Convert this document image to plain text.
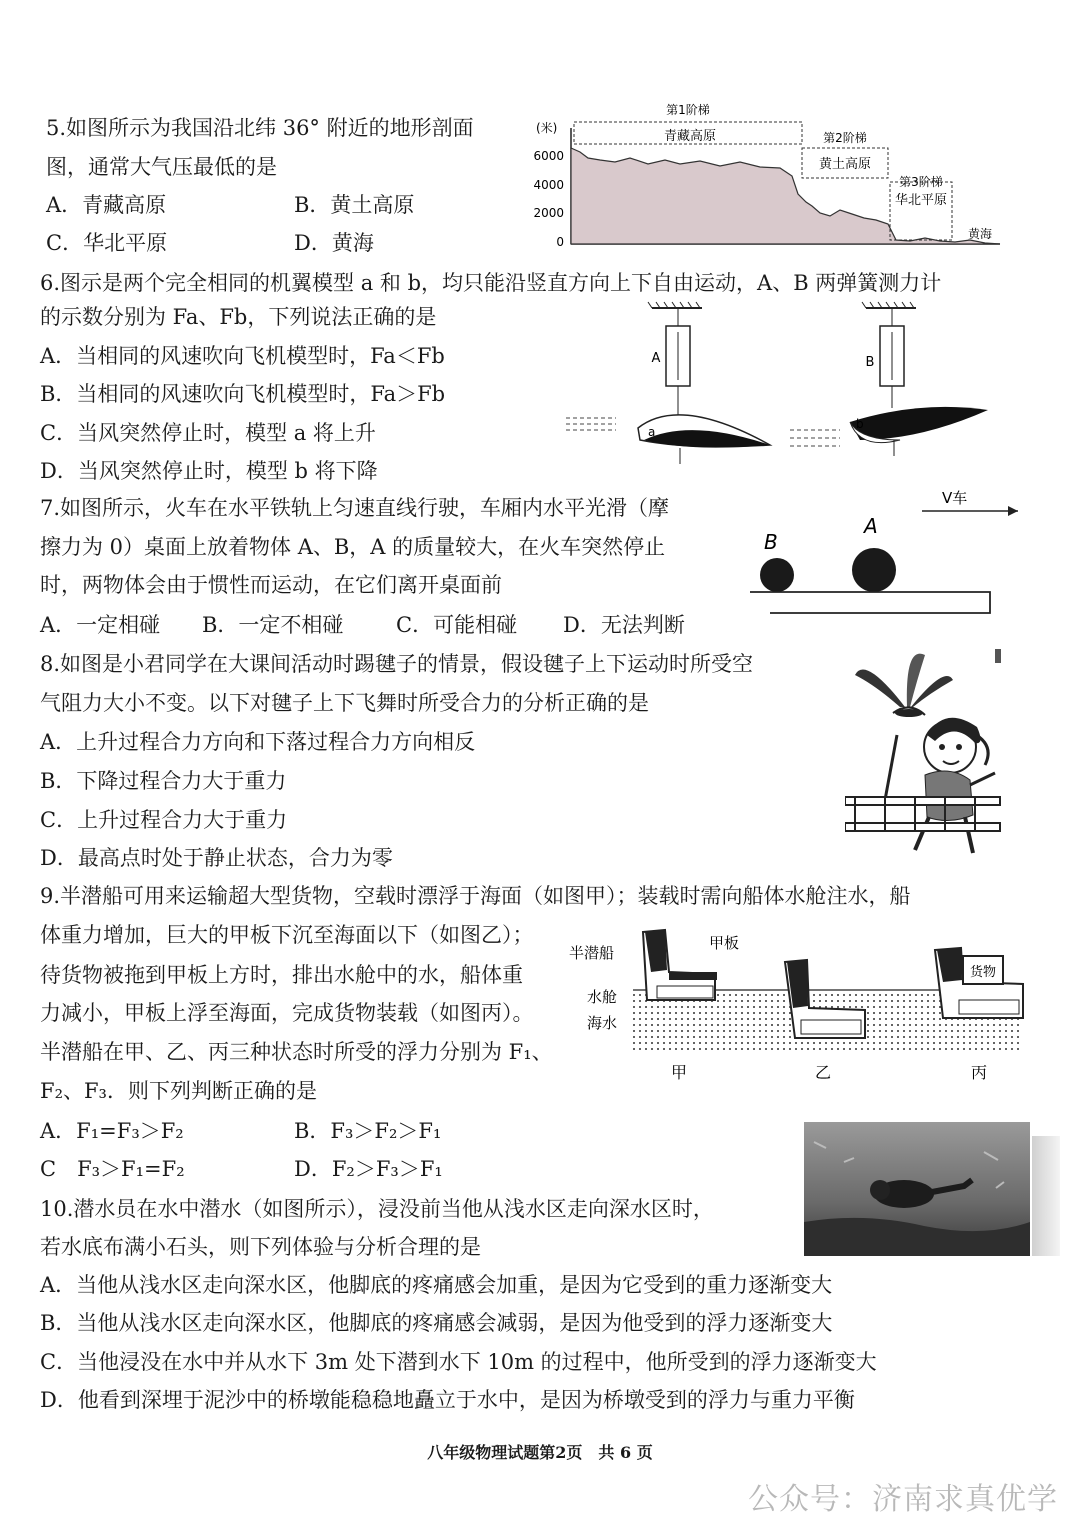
5.如图所示为我国沿北纬 36° 附近的地形剖面
图，通常大气压最低的是
A．青藏高原	B．黄土高原
C．华北平原	D．黄海
(米)
6000
4000
2000
0
第1阶梯
青藏高原	第2阶梯
黄土高原
第3阶梯
华北平原
黄海
6.图示是两个完全相同的机翼模型 a 和 b，均只能沿竖直方向上下自由运动，A、B 两弹簧测力计
的示数分别为 Fa、Fb，下列说法正确的是
A．当相同的风速吹向飞机模型时，Fa＜Fb
B．当相同的风速吹向飞机模型时，Fa＞Fb
C．当风突然停止时，模型 a 将上升
D．当风突然停止时，模型 b 将下降
A
a
B
b
7.如图所示，火车在水平铁轨上匀速直线行驶，车厢内水平光滑（摩
擦力为 0）桌面上放着物体 A、B，A 的质量较大，在火车突然停止
时，两物体会由于惯性而运动，在它们离开桌面前
A．一定相碰 B．一定不相碰	C．可能相碰 D．无法判断
V车
B
A
8.如图是小君同学在大课间活动时踢毽子的情景，假设毽子上下运动时所受空
气阻力大小不变。以下对毽子上下飞舞时所受合力的分析正确的是
A．上升过程合力方向和下落过程合力方向相反
B．下降过程合力大于重力
C．上升过程合力大于重力
D．最高点时处于静止状态，合力为零
9.半潜船可用来运输超大型货物，空载时漂浮于海面（如图甲）；装载时需向船体水舱注水，船
体重力增加，巨大的甲板下沉至海面以下（如图乙）；
待货物被拖到甲板上方时，排出水舱中的水，船体重
力减小，甲板上浮至海面，完成货物装载（如图丙）。
半潜船在甲、乙、丙三种状态时所受的浮力分别为 F₁、
F₂、F₃．则下列判断正确的是
A．F₁=F₃＞F₂	B．F₃＞F₂＞F₁
C　F₃＞F₁=F₂	D．F₂＞F₃＞F₁
半潜船
甲板
水舱
海水
货物
甲	乙	丙
10.潜水员在水中潜水（如图所示），浸没前当他从浅水区走向深水区时，
若水底布满小石头，则下列体验与分析合理的是
A．当他从浅水区走向深水区，他脚底的疼痛感会加重，是因为它受到的重力逐渐变大
B．当他从浅水区走向深水区，他脚底的疼痛感会减弱，是因为他受到的浮力逐渐变大
C．当他浸没在水中并从水下 3m 处下潜到水下 10m 的过程中，他所受到的浮力逐渐变大
D．他看到深埋于泥沙中的桥墩能稳稳地矗立于水中，是因为桥墩受到的浮力与重力平衡
八年级物理试题第2页　共 6 页
公众号：济南求真优学
